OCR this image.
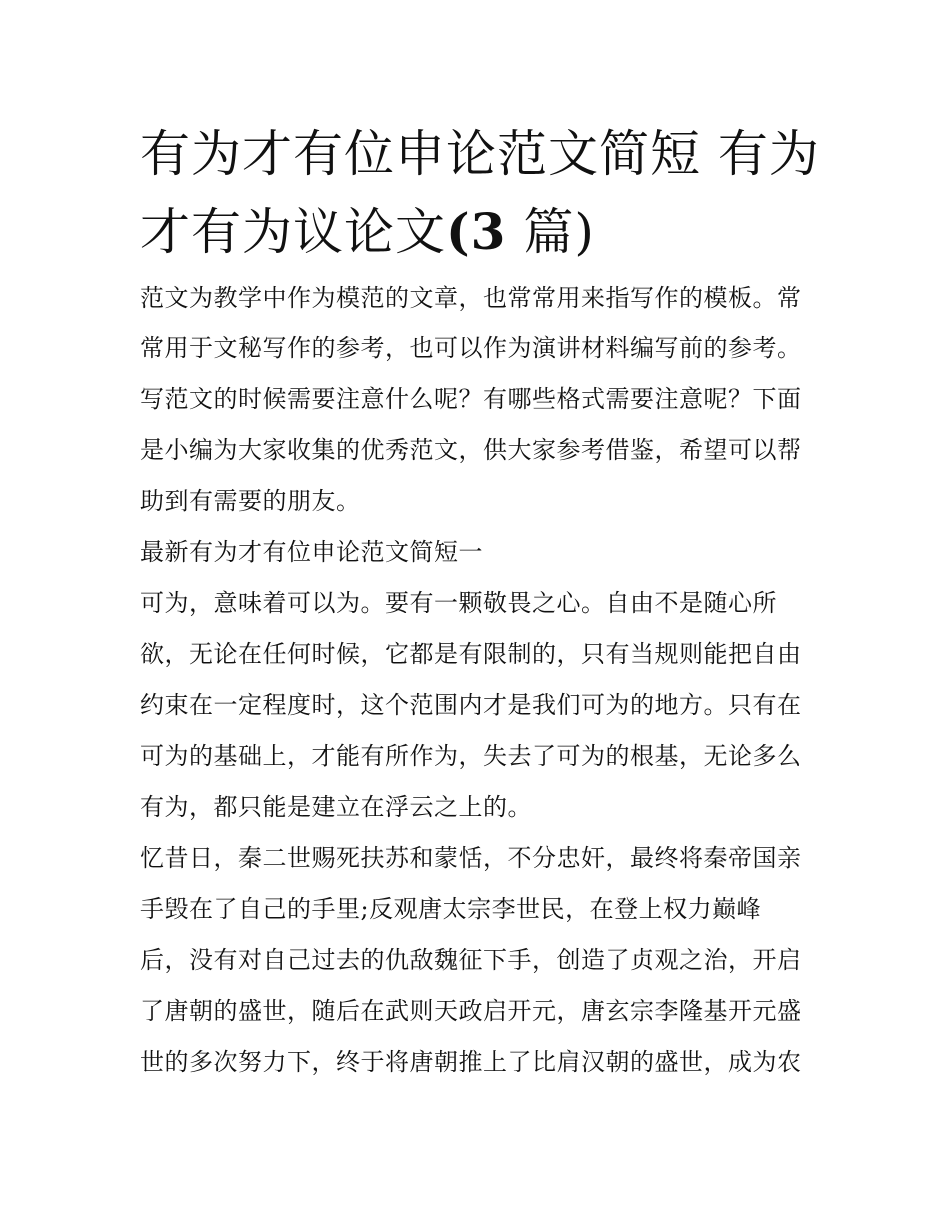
有为才有位申论范文简短 有为才有为议论文(3 篇)

范文为教学中作为模范的文章，也常常用来指写作的模板。常

常用于文秘写作的参考，也可以作为演讲材料编写前的参考。

写范文的时候需要注意什么呢？有哪些格式需要注意呢？下面

是小编为大家收集的优秀范文，供大家参考借鉴，希望可以帮

助到有需要的朋友。

最新有为才有位申论范文简短一

可为，意味着可以为。要有一颗敬畏之心。自由不是随心所

欲，无论在任何时候，它都是有限制的，只有当规则能把自由

约束在一定程度时，这个范围内才是我们可为的地方。只有在

可为的基础上，才能有所作为，失去了可为的根基，无论多么

有为，都只能是建立在浮云之上的。

忆昔日，秦二世赐死扶苏和蒙恬，不分忠奸，最终将秦帝国亲

手毁在了自己的手里;反观唐太宗李世民，在登上权力巅峰

后，没有对自己过去的仇敌魏征下手，创造了贞观之治，开启

了唐朝的盛世，随后在武则天政启开元，唐玄宗李隆基开元盛

世的多次努力下，终于将唐朝推上了比肩汉朝的盛世，成为农
